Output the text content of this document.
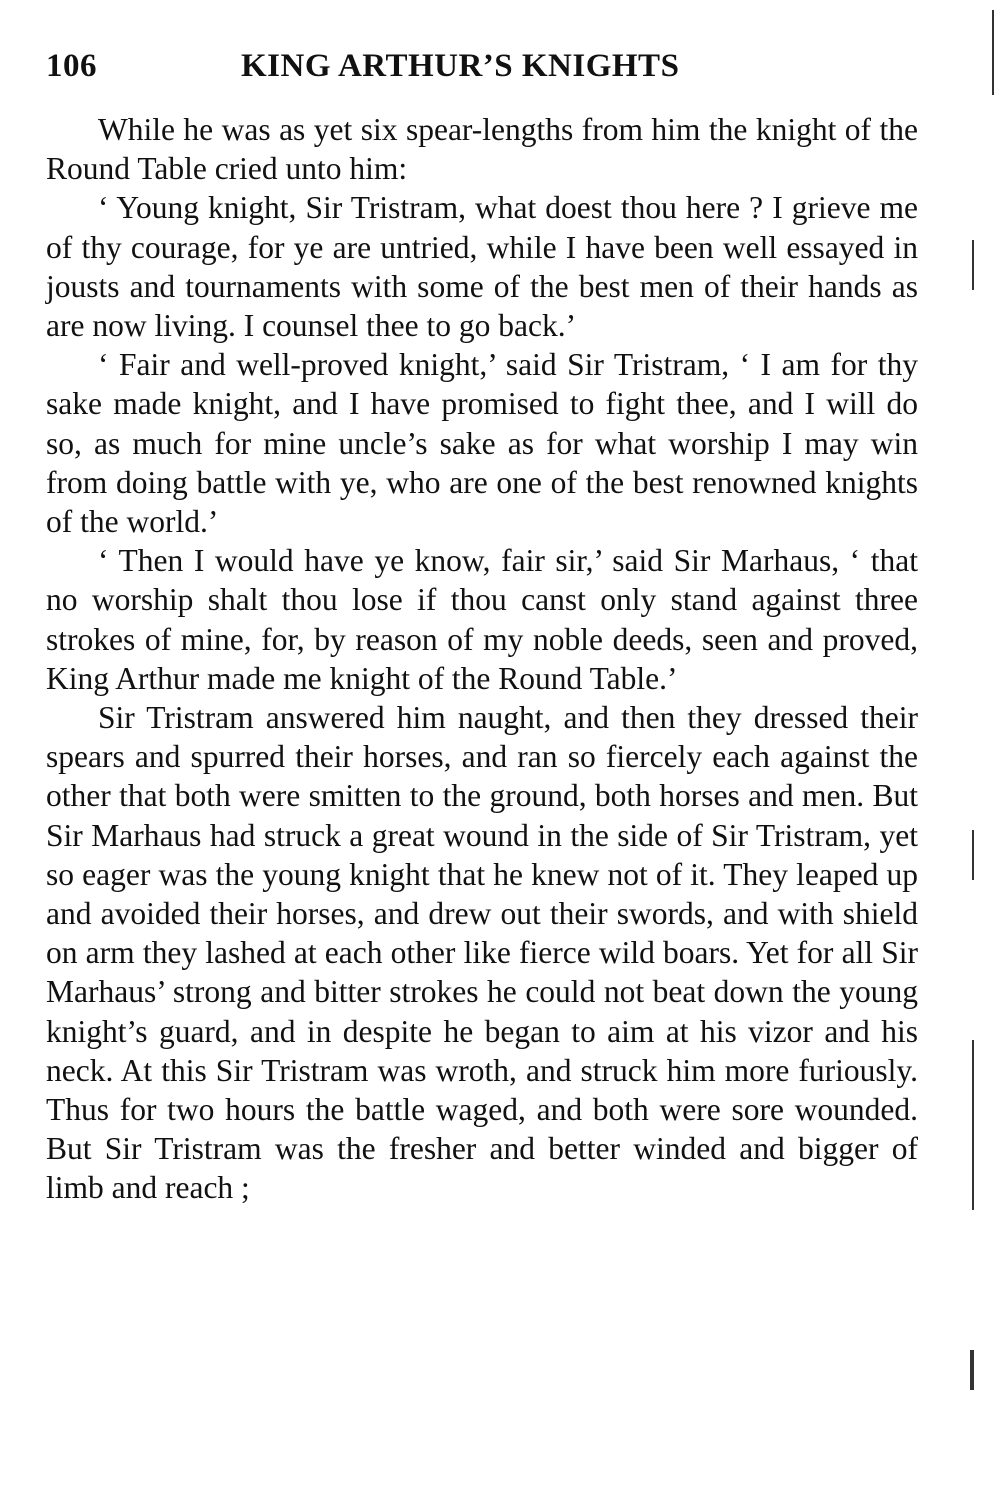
106	KING ARTHUR’S KNIGHTS

While he was as yet six spear-lengths from him the knight of the Round Table cried unto him:

‘ Young knight, Sir Tristram, what doest thou here ? I grieve me of thy courage, for ye are untried, while I have been well essayed in jousts and tournaments with some of the best men of their hands as are now living. I counsel thee to go back.’

‘ Fair and well-proved knight,’ said Sir Tristram, ‘ I am for thy sake made knight, and I have promised to fight thee, and I will do so, as much for mine uncle’s sake as for what worship I may win from doing battle with ye, who are one of the best renowned knights of the world.’

‘ Then I would have ye know, fair sir,’ said Sir Marhaus, ‘ that no worship shalt thou lose if thou canst only stand against three strokes of mine, for, by reason of my noble deeds, seen and proved, King Arthur made me knight of the Round Table.’

Sir Tristram answered him naught, and then they dressed their spears and spurred their horses, and ran so fiercely each against the other that both were smitten to the ground, both horses and men. But Sir Marhaus had struck a great wound in the side of Sir Tristram, yet so eager was the young knight that he knew not of it. They leaped up and avoided their horses, and drew out their swords, and with shield on arm they lashed at each other like fierce wild boars. Yet for all Sir Marhaus’ strong and bitter strokes he could not beat down the young knight’s guard, and in despite he began to aim at his vizor and his neck. At this Sir Tristram was wroth, and struck him more furiously. Thus for two hours the battle waged, and both were sore wounded. But Sir Tristram was the fresher and better winded and bigger of limb and reach ;
